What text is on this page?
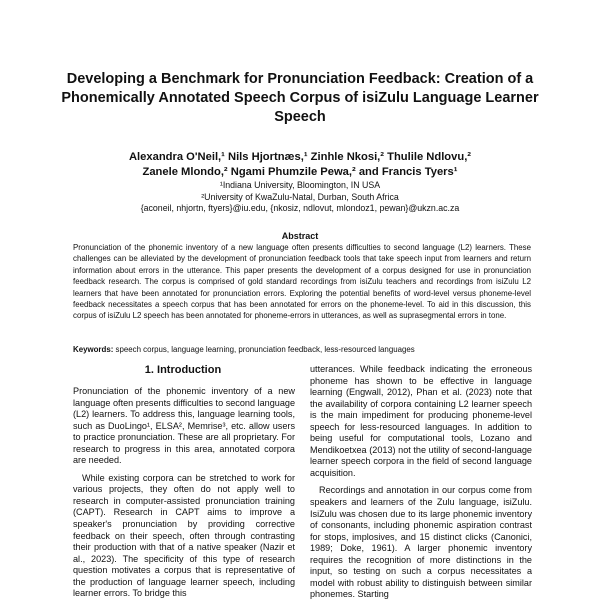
Developing a Benchmark for Pronunciation Feedback: Creation of a Phonemically Annotated Speech Corpus of isiZulu Language Learner Speech
Alexandra O'Neil,¹ Nils Hjortnæs,¹ Zinhle Nkosi,² Thulile Ndlovu,²
Zanele Mlondo,² Ngami Phumzile Pewa,² and Francis Tyers¹
¹Indiana University, Bloomington, IN USA
²University of KwaZulu-Natal, Durban, South Africa
{aconeil, nhjortn, ftyers}@iu.edu, {nkosiz, ndlovut, mlondoz1, pewan}@ukzn.ac.za
Abstract
Pronunciation of the phonemic inventory of a new language often presents difficulties to second language (L2) learners. These challenges can be alleviated by the development of pronunciation feedback tools that take speech input from learners and return information about errors in the utterance. This paper presents the development of a corpus designed for use in pronunciation feedback research. The corpus is comprised of gold standard recordings from isiZulu teachers and recordings from isiZulu L2 learners that have been annotated for pronunciation errors. Exploring the potential benefits of word-level versus phoneme-level feedback necessitates a speech corpus that has been annotated for errors on the phoneme-level. To aid in this discussion, this corpus of isiZulu L2 speech has been annotated for phoneme-errors in utterances, as well as suprasegmental errors in tone.
Keywords: speech corpus, language learning, pronunciation feedback, less-resourced languages
1. Introduction

Pronunciation of the phonemic inventory of a new language often presents difficulties to second language (L2) learners. To address this, language learning tools, such as DuoLingo¹, ELSA², Memrise³, etc. allow users to practice pronunciation. These are all proprietary. For research to progress in this area, annotated corpora are needed.

While existing corpora can be stretched to work for various projects, they often do not apply well to research in computer-assisted pronunciation training (CAPT). Research in CAPT aims to improve a speaker's pronunciation by providing corrective feedback on their speech, often through contrasting their production with that of a native speaker (Nazir et al., 2023). The specificity of this type of research question motivates a corpus that is representative of the production of language learner speech, including learner errors. To bridge this

utterances. While feedback indicating the erroneous phoneme has shown to be effective in language learning (Engwall, 2012), Phan et al. (2023) note that the availability of corpora containing L2 learner speech is the main impediment for producing phoneme-level speech for less-resourced languages. In addition to being useful for computational tools, Lozano and Mendikoetxea (2013) not the utility of second-language learner speech corpora in the field of second language acquisition.

Recordings and annotation in our corpus come from speakers and learners of the Zulu language, isiZulu. IsiZulu was chosen due to its large phonemic inventory of consonants, including phonemic aspiration contrast for stops, implosives, and 15 distinct clicks (Canonici, 1989; Doke, 1961). A larger phonemic inventory requires the recognition of more distinctions in the input, so testing on such a corpus necessitates a model with robust ability to distinguish between similar phonemes. Starting
